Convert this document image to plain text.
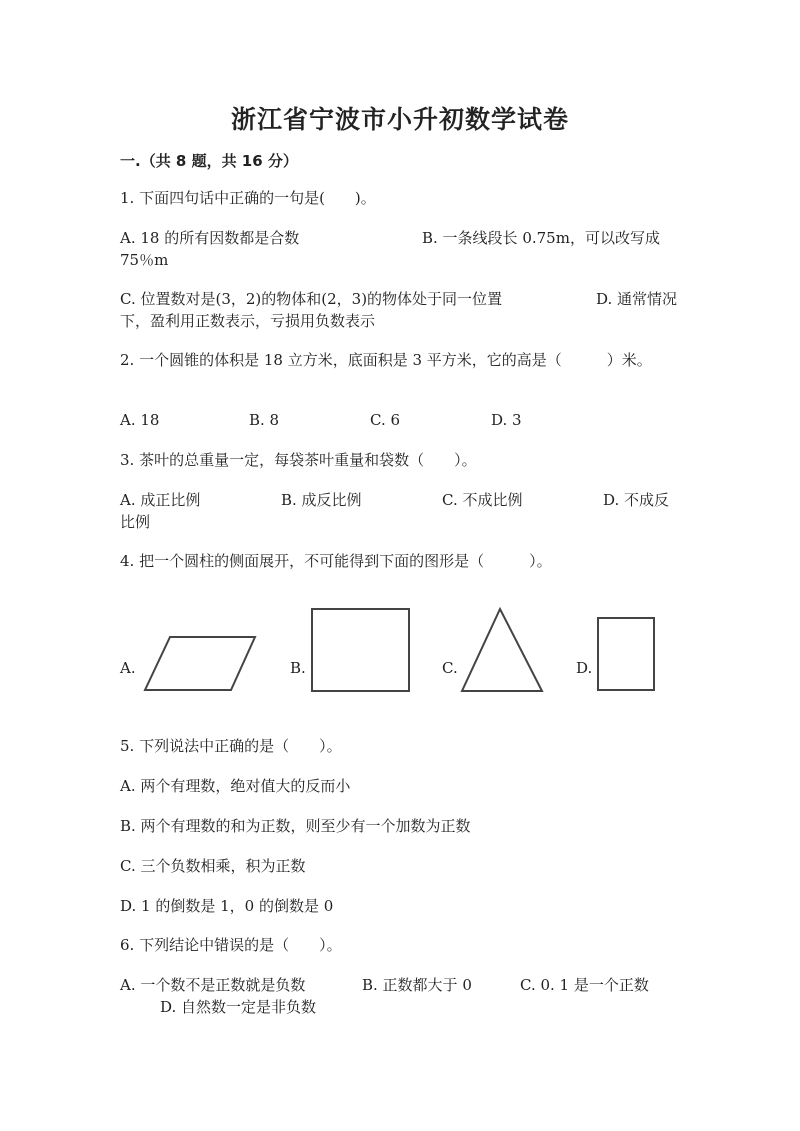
浙江省宁波市小升初数学试卷
一.（共 8 题，共 16 分）
1. 下面四句话中正确的一句是(　　)。
A. 18 的所有因数都是合数	B. 一条线段长 0.75m，可以改写成
75％m
C. 位置数对是(3，2)的物体和(2，3)的物体处于同一位置	D. 通常情况
下，盈利用正数表示，亏损用负数表示
2. 一个圆锥的体积是 18 立方米，底面积是 3 平方米，它的高是（　　　）米。
A. 18	B. 8	C. 6	D. 3
3. 茶叶的总重量一定，每袋茶叶重量和袋数（　　）。
A. 成正比例	B. 成反比例	C. 不成比例	D. 不成反
比例
4. 把一个圆柱的侧面展开，不可能得到下面的图形是（　　　）。
A.	B.	C.	D.
5. 下列说法中正确的是（　　）。
A. 两个有理数，绝对值大的反而小
B. 两个有理数的和为正数，则至少有一个加数为正数
C. 三个负数相乘，积为正数
D. 1 的倒数是 1，0 的倒数是 0
6. 下列结论中错误的是（　　）。
A. 一个数不是正数就是负数	B. 正数都大于 0	C. 0. 1 是一个正数
D. 自然数一定是非负数
